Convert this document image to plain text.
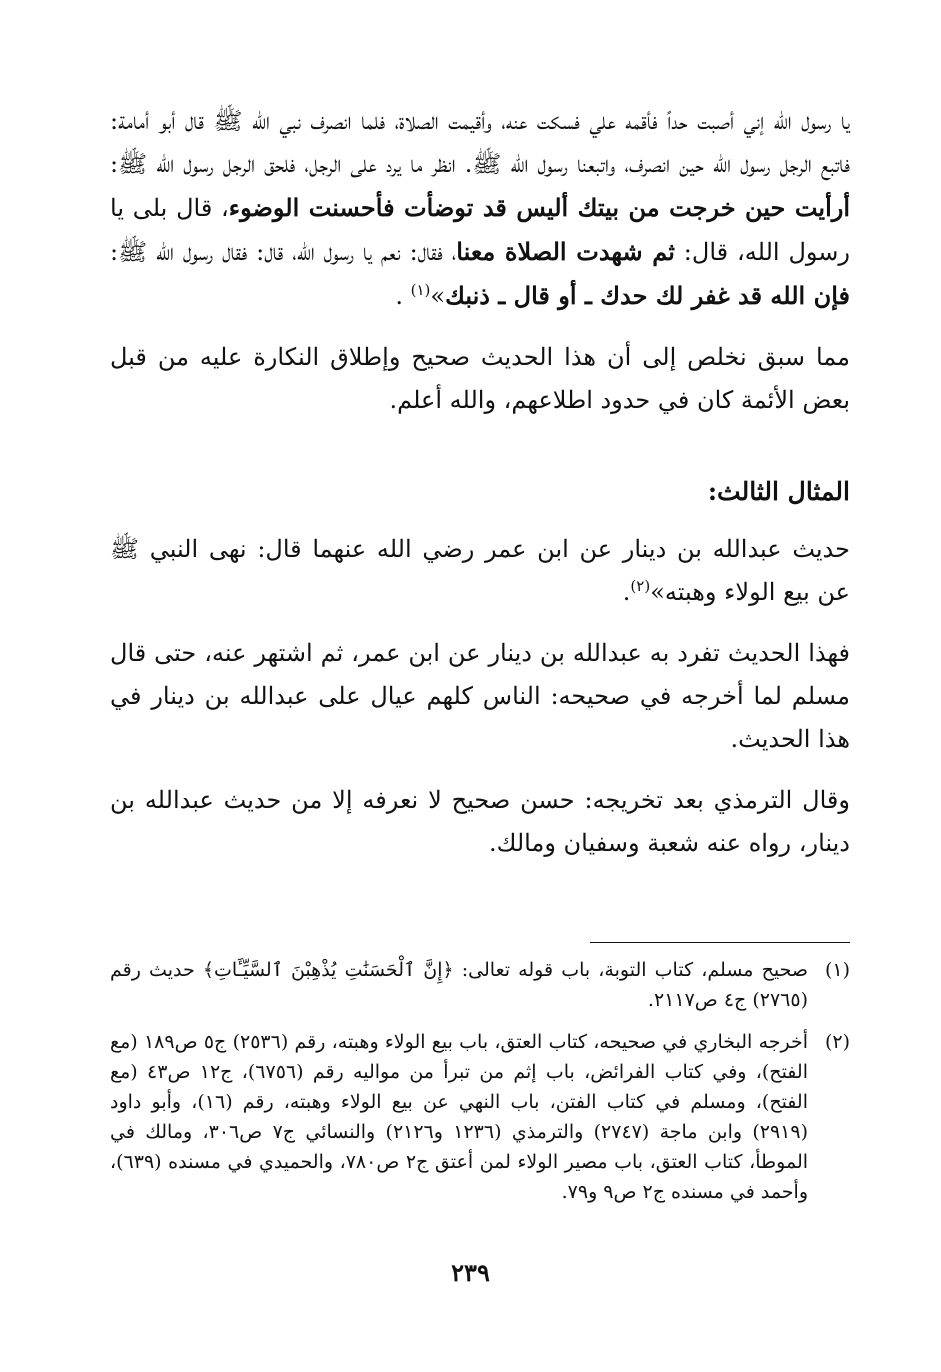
يا رسول الله إني أصبت حداً فأقمه علي فسكت عنه، وأقيمت الصلاة، فلما انصرف نبي الله ﷺ قال أبو أمامة: فاتبع الرجل رسول الله حين انصرف، واتبعنا رسول الله ﷺ. انظر ما يرد على الرجل، فلحق الرجل رسول الله ﷺ: أرأيت حين خرجت من بيتك أليس قد توضأت فأحسنت الوضوء، قال بلى يا رسول الله، قال: ثم شهدت الصلاة معنا، فقال: نعم يا رسول الله، قال: فقال رسول الله ﷺ: فإن الله قد غفر لك حدك ـ أو قال ـ ذنبك»$^{(١)}$ .

مما سبق نخلص إلى أن هذا الحديث صحيح وإطلاق النكارة عليه من قبل بعض الأئمة كان في حدود اطلاعهم، والله أعلم.

المثال الثالث:

حديث عبدالله بن دينار عن ابن عمر رضي الله عنهما قال: نهى النبي ﷺ عن بيع الولاء وهبته»$^{(٢)}$.

فهذا الحديث تفرد به عبدالله بن دينار عن ابن عمر، ثم اشتهر عنه، حتى قال مسلم لما أخرجه في صحيحه: الناس كلهم عيال على عبدالله بن دينار في هذا الحديث.

وقال الترمذي بعد تخريجه: حسن صحيح لا نعرفه إلا من حديث عبدالله بن دينار، رواه عنه شعبة وسفيان ومالك.

(١)
صحيح مسلم، كتاب التوبة، باب قوله تعالى: ﴿إِنَّ ٱلْحَسَنَٰتِ يُذْهِبْنَ ٱلسَّيِّـَٔاتِ﴾ حديث رقم (٢٧٦٥) ج٤ ص٢١١٧.
(٢)
أخرجه البخاري في صحيحه، كتاب العتق، باب بيع الولاء وهبته، رقم (٢٥٣٦) ج٥ ص١٨٩ (مع الفتح)، وفي كتاب الفرائض، باب إثم من تبرأ من مواليه رقم (٦٧٥٦)، ج١٢ ص٤٣ (مع الفتح)، ومسلم في كتاب الفتن، باب النهي عن بيع الولاء وهبته، رقم (١٦)، وأبو داود (٢٩١٩) وابن ماجة (٢٧٤٧) والترمذي (١٢٣٦ و٢١٢٦) والنسائي ج٧ ص٣٠٦، ومالك في الموطأ، كتاب العتق، باب مصير الولاء لمن أعتق ج٢ ص٧٨٠، والحميدي في مسنده (٦٣٩)، وأحمد في مسنده ج٢ ص٩ و٧٩.
٢٣٩
